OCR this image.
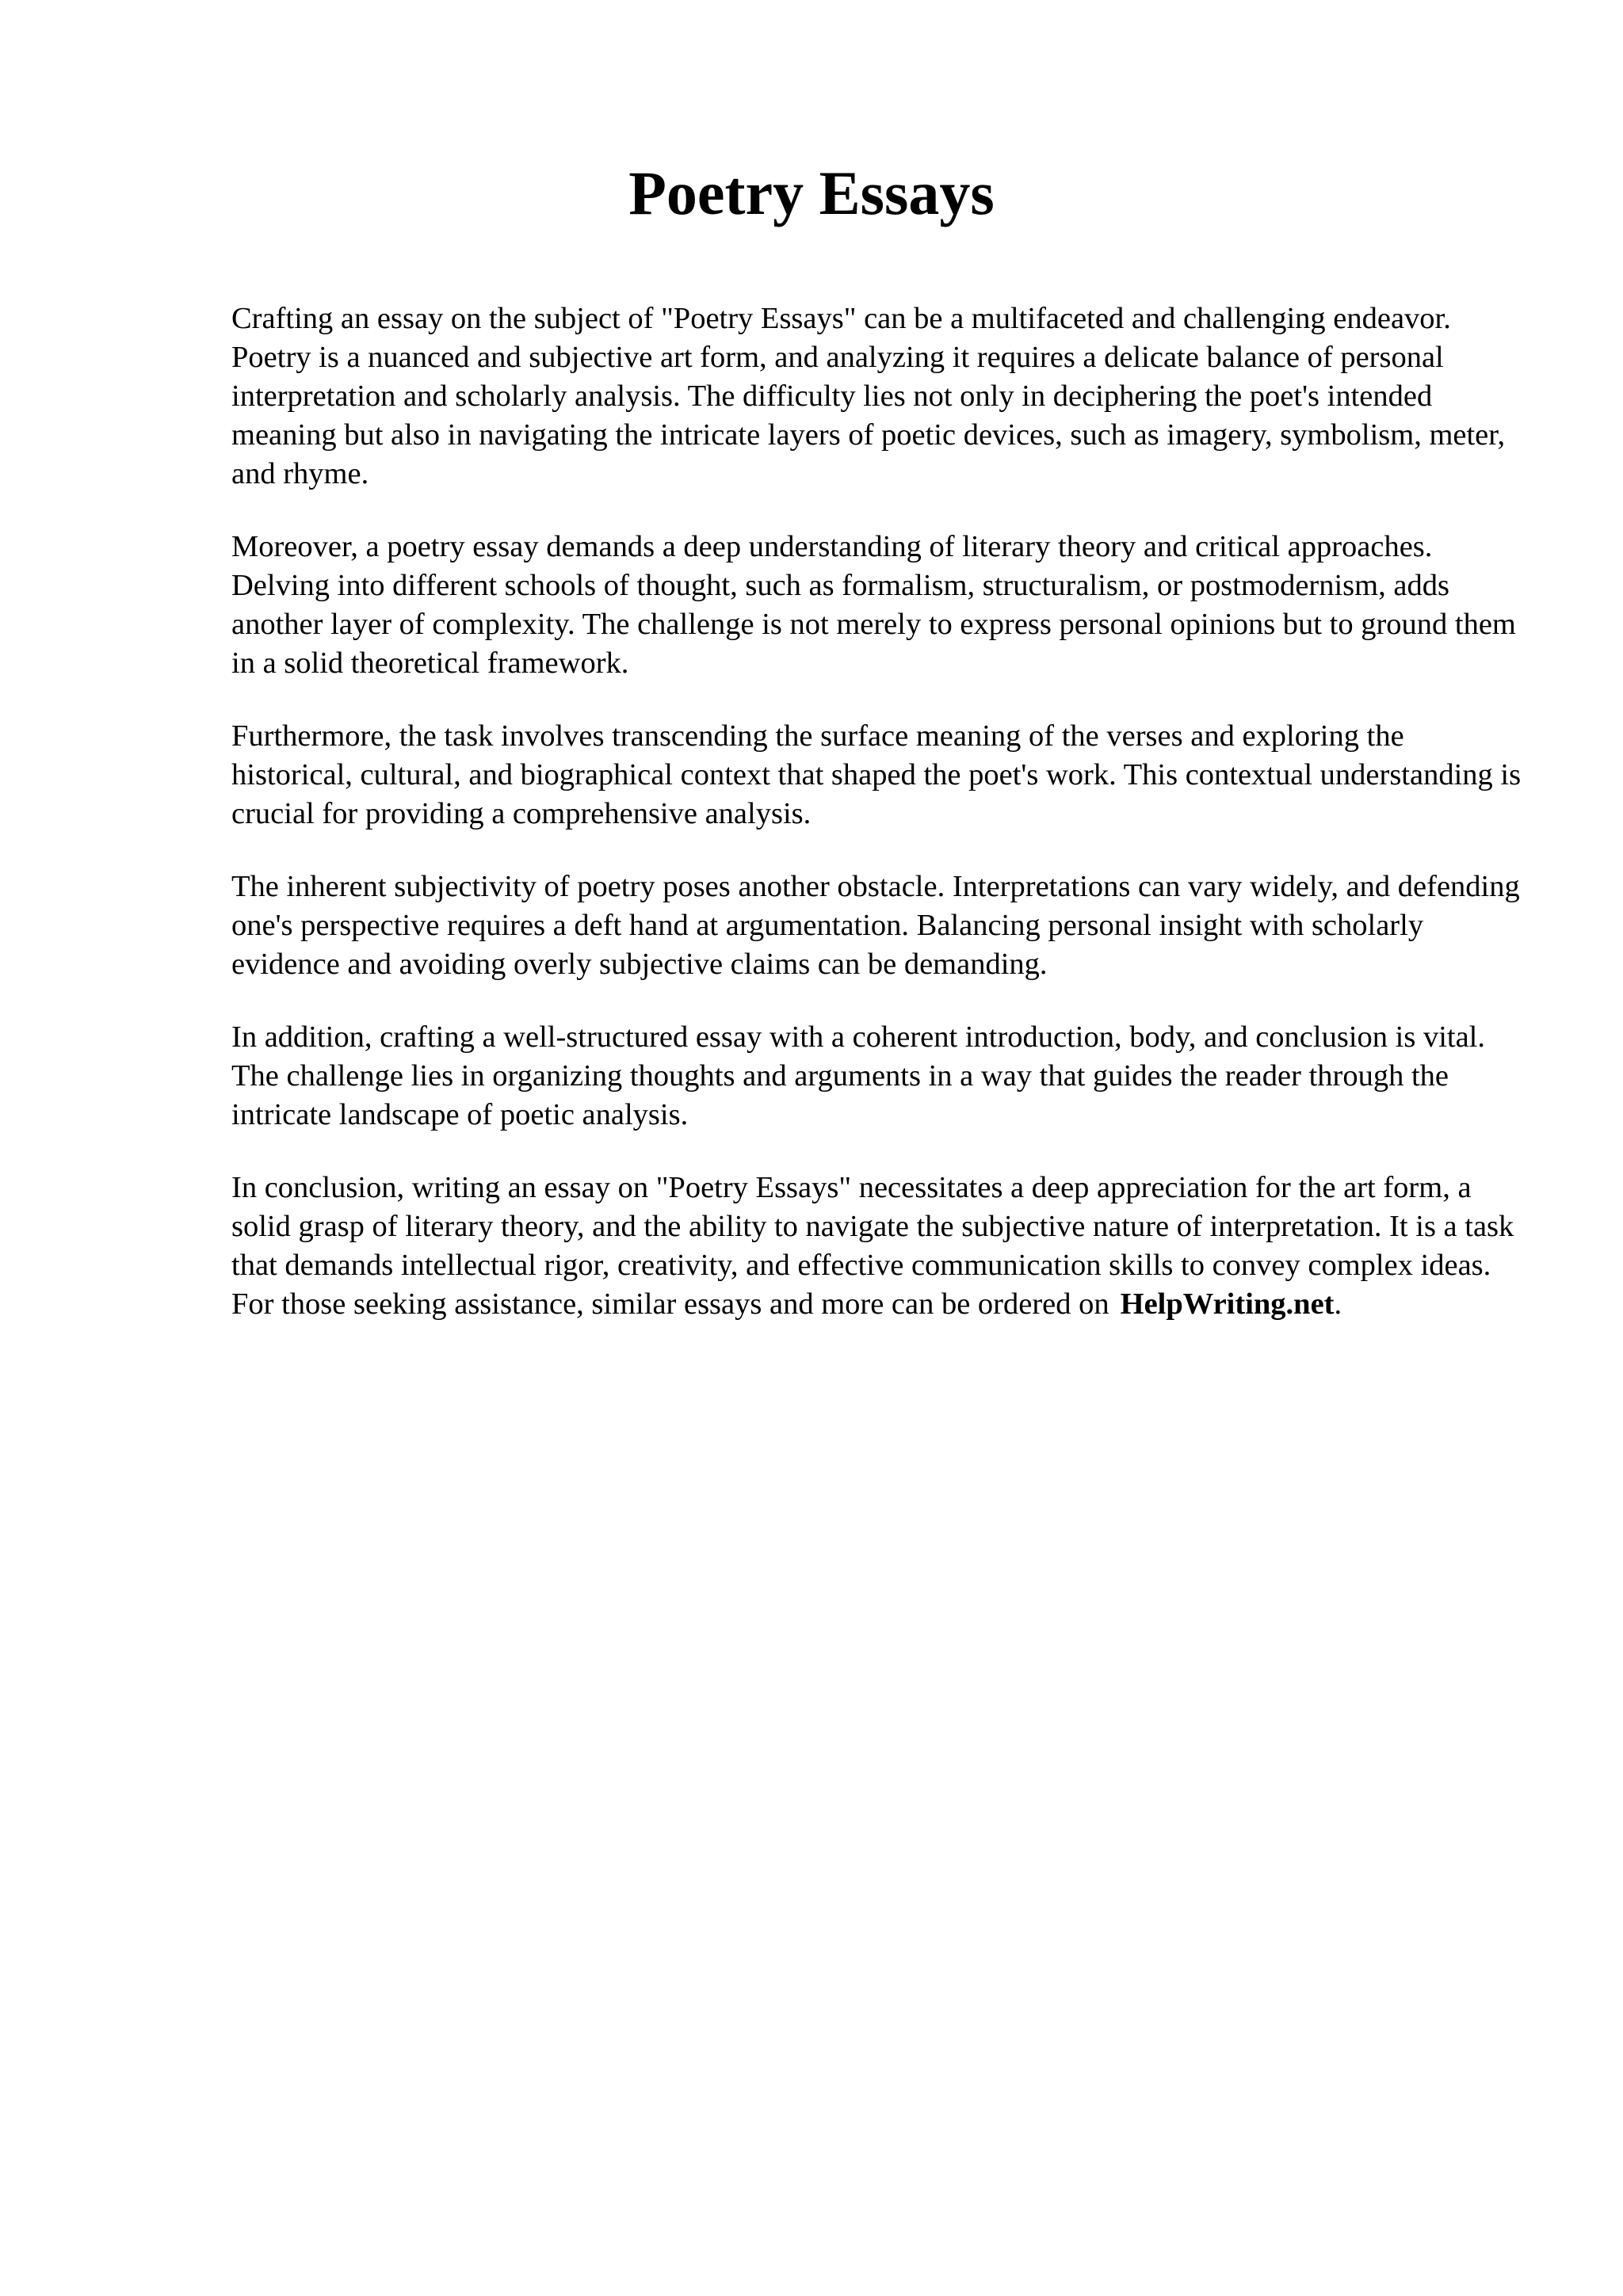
Poetry Essays

Crafting an essay on the subject of "Poetry Essays" can be a multifaceted and challenging endeavor. Poetry is a nuanced and subjective art form, and analyzing it requires a delicate balance of personal interpretation and scholarly analysis. The difficulty lies not only in deciphering the poet's intended meaning but also in navigating the intricate layers of poetic devices, such as imagery, symbolism, meter, and rhyme.

Moreover, a poetry essay demands a deep understanding of literary theory and critical approaches. Delving into different schools of thought, such as formalism, structuralism, or postmodernism, adds another layer of complexity. The challenge is not merely to express personal opinions but to ground them in a solid theoretical framework.

Furthermore, the task involves transcending the surface meaning of the verses and exploring the historical, cultural, and biographical context that shaped the poet's work. This contextual understanding is crucial for providing a comprehensive analysis.

The inherent subjectivity of poetry poses another obstacle. Interpretations can vary widely, and defending one's perspective requires a deft hand at argumentation. Balancing personal insight with scholarly evidence and avoiding overly subjective claims can be demanding.

In addition, crafting a well-structured essay with a coherent introduction, body, and conclusion is vital. The challenge lies in organizing thoughts and arguments in a way that guides the reader through the intricate landscape of poetic analysis.

In conclusion, writing an essay on "Poetry Essays" necessitates a deep appreciation for the art form, a solid grasp of literary theory, and the ability to navigate the subjective nature of interpretation. It is a task that demands intellectual rigor, creativity, and effective communication skills to convey complex ideas. For those seeking assistance, similar essays and more can be ordered on HelpWriting.net.
